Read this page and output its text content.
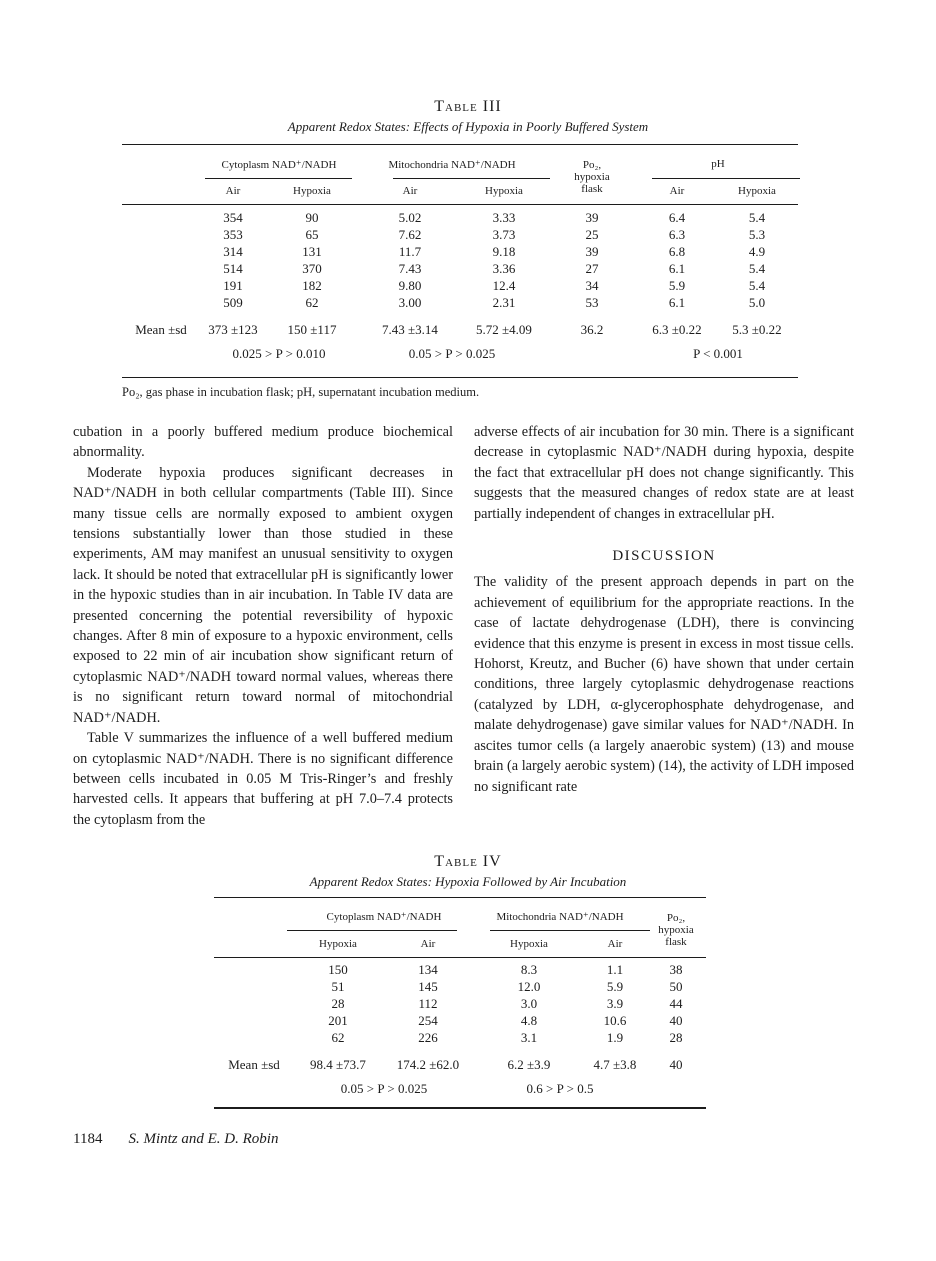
Table III
Apparent Redox States: Effects of Hypoxia in Poorly Buffered System
	Cytoplasm NAD⁺/NADH		Mitochondria NAD⁺/NADH		Po₂,
hypoxia
flask	pH	
	Air	Hypoxia	Air	Hypoxia		Air	Hypoxia

	354	90	5.02	3.33	39	6.4	5.4
	353	65	7.62	3.73	25	6.3	5.3
	314	131	11.7	9.18	39	6.8	4.9
	514	370	7.43	3.36	27	6.1	5.4
	191	182	9.80	12.4	34	5.9	5.4
	509	62	3.00	2.31	53	6.1	5.0

Mean ±sd	373 ±123	150 ±117	7.43 ±3.14	5.72 ±4.09	36.2	6.3 ±0.22	5.3 ±0.22
	0.025 > P > 0.010		0.05 > P > 0.025			P < 0.001	
Po₂, gas phase in incubation flask; pH, supernatant incubation medium.

cubation in a poorly buffered medium produce biochemical abnormality.

Moderate hypoxia produces significant decreases in NAD⁺/NADH in both cellular compartments (Table III). Since many tissue cells are normally exposed to ambient oxygen tensions substantially lower than those studied in these experiments, AM may manifest an unusual sensitivity to oxygen lack. It should be noted that extracellular pH is significantly lower in the hypoxic studies than in air incubation. In Table IV data are presented concerning the potential reversibility of hypoxic changes. After 8 min of exposure to a hypoxic environment, cells exposed to 22 min of air incubation show significant return of cytoplasmic NAD⁺/NADH toward normal values, whereas there is no significant return toward normal of mitochondrial NAD⁺/NADH.

Table V summarizes the influence of a well buffered medium on cytoplasmic NAD⁺/NADH. There is no significant difference between cells incubated in 0.05 M Tris-Ringer’s and freshly harvested cells. It appears that buffering at pH 7.0–7.4 protects the cytoplasm from the

adverse effects of air incubation for 30 min. There is a significant decrease in cytoplasmic NAD⁺/NADH during hypoxia, despite the fact that extracellular pH does not change significantly. This suggests that the measured changes of redox state are at least partially independent of changes in extracellular pH.

DISCUSSION

The validity of the present approach depends in part on the achievement of equilibrium for the appropriate reactions. In the case of lactate dehydrogenase (LDH), there is convincing evidence that this enzyme is present in excess in most tissue cells. Hohorst, Kreutz, and Bucher (6) have shown that under certain conditions, three largely cytoplasmic dehydrogenase reactions (catalyzed by LDH, α-glycerophosphate dehydrogenase, and malate dehydrogenase) gave similar values for NAD⁺/NADH. In ascites tumor cells (a largely anaerobic system) (13) and mouse brain (a largely aerobic system) (14), the activity of LDH imposed no significant rate

Table IV
Apparent Redox States: Hypoxia Followed by Air Incubation
	Cytoplasm NAD⁺/NADH		Mitochondria NAD⁺/NADH		Po₂,
hypoxia
flask
	Hypoxia	Air	Hypoxia	Air	

	150	134	8.3	1.1	38
	51	145	12.0	5.9	50
	28	112	3.0	3.9	44
	201	254	4.8	10.6	40
	62	226	3.1	1.9	28

Mean ±sd	98.4 ±73.7	174.2 ±62.0	6.2 ±3.9	4.7 ±3.8	40
	0.05 > P > 0.025		0.6 > P > 0.5		
1184 S. Mintz and E. D. Robin
